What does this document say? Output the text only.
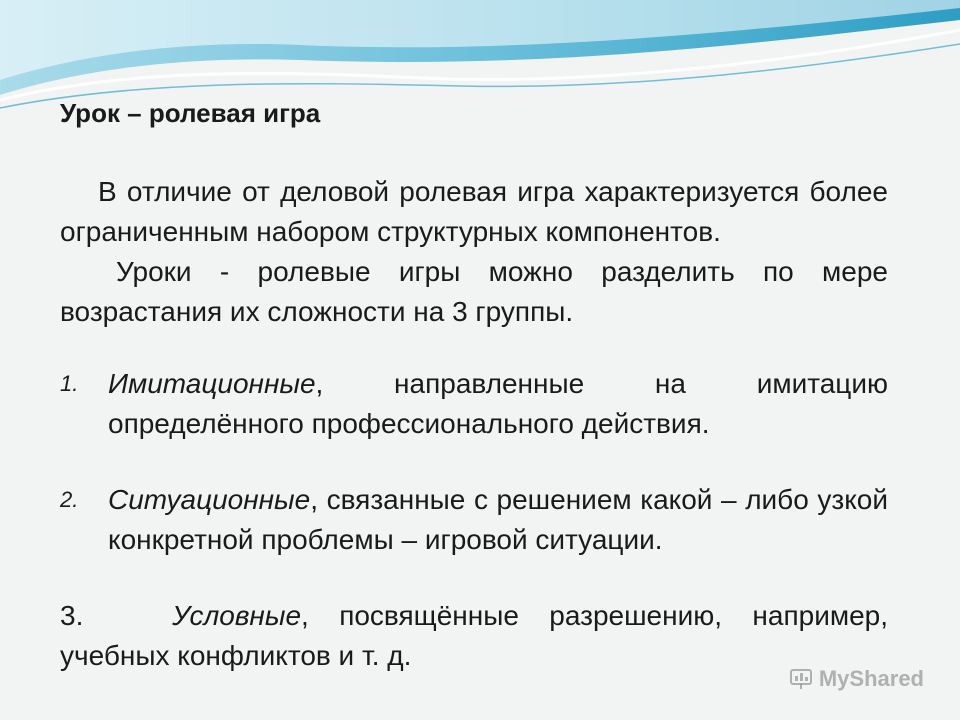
Урок – ролевая игра

В отличие от деловой ролевая игра характеризуется более ограниченным набором структурных компонентов.

Уроки - ролевые игры можно разделить по мере возрастания их сложности на 3 группы.

1. Имитационные, направленные на имитацию определённого профессионального действия.
2. Ситуационные, связанные с решением какой – либо узкой конкретной проблемы – игровой ситуации.
3.	Условные, посвящённые разрешению, например, учебных конфликтов и т. д.
MyShared
